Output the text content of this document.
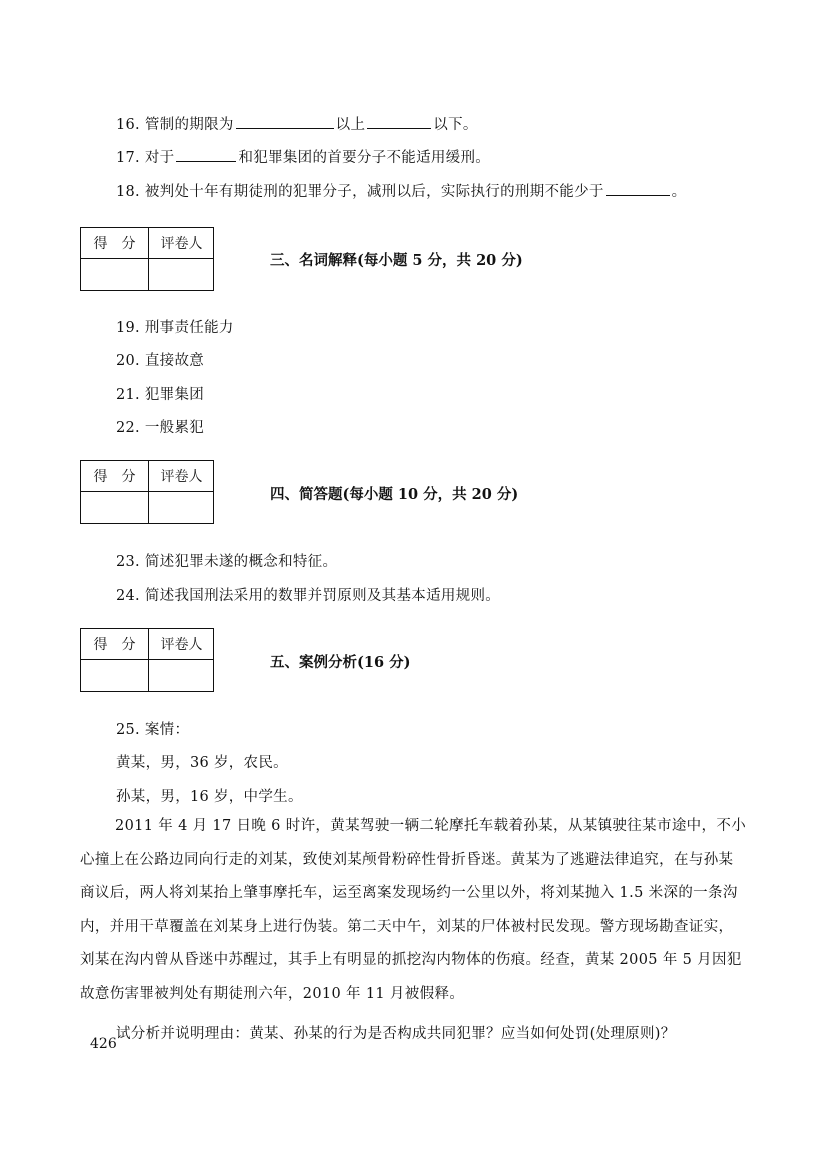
16. 管制的期限为	以上	以下。
17. 对于	和犯罪集团的首要分子不能适用缓刑。
18. 被判处十年有期徒刑的犯罪分子，减刑以后，实际执行的刑期不能少于	。
得　分	评卷人
三、名词解释(每小题 5 分，共 20 分)
19. 刑事责任能力
20. 直接故意
21. 犯罪集团
22. 一般累犯
得　分	评卷人
四、简答题(每小题 10 分，共 20 分)
23. 简述犯罪未遂的概念和特征。
24. 简述我国刑法采用的数罪并罚原则及其基本适用规则。
得　分	评卷人
五、案例分析(16 分)
25. 案情：
黄某，男，36 岁，农民。
孙某，男，16 岁，中学生。
2011 年 4 月 17 日晚 6 时许，黄某驾驶一辆二轮摩托车载着孙某，从某镇驶往某市途中，不小心撞上在公路边同向行走的刘某，致使刘某颅骨粉碎性骨折昏迷。黄某为了逃避法律追究，在与孙某商议后，两人将刘某抬上肇事摩托车，运至离案发现场约一公里以外，将刘某抛入 1.5 米深的一条沟内，并用干草覆盖在刘某身上进行伪装。第二天中午，刘某的尸体被村民发现。警方现场勘查证实，刘某在沟内曾从昏迷中苏醒过，其手上有明显的抓挖沟内物体的伤痕。经查，黄某 2005 年 5 月因犯故意伤害罪被判处有期徒刑六年，2010 年 11 月被假释。
试分析并说明理由：黄某、孙某的行为是否构成共同犯罪？应当如何处罚(处理原则)？
426
